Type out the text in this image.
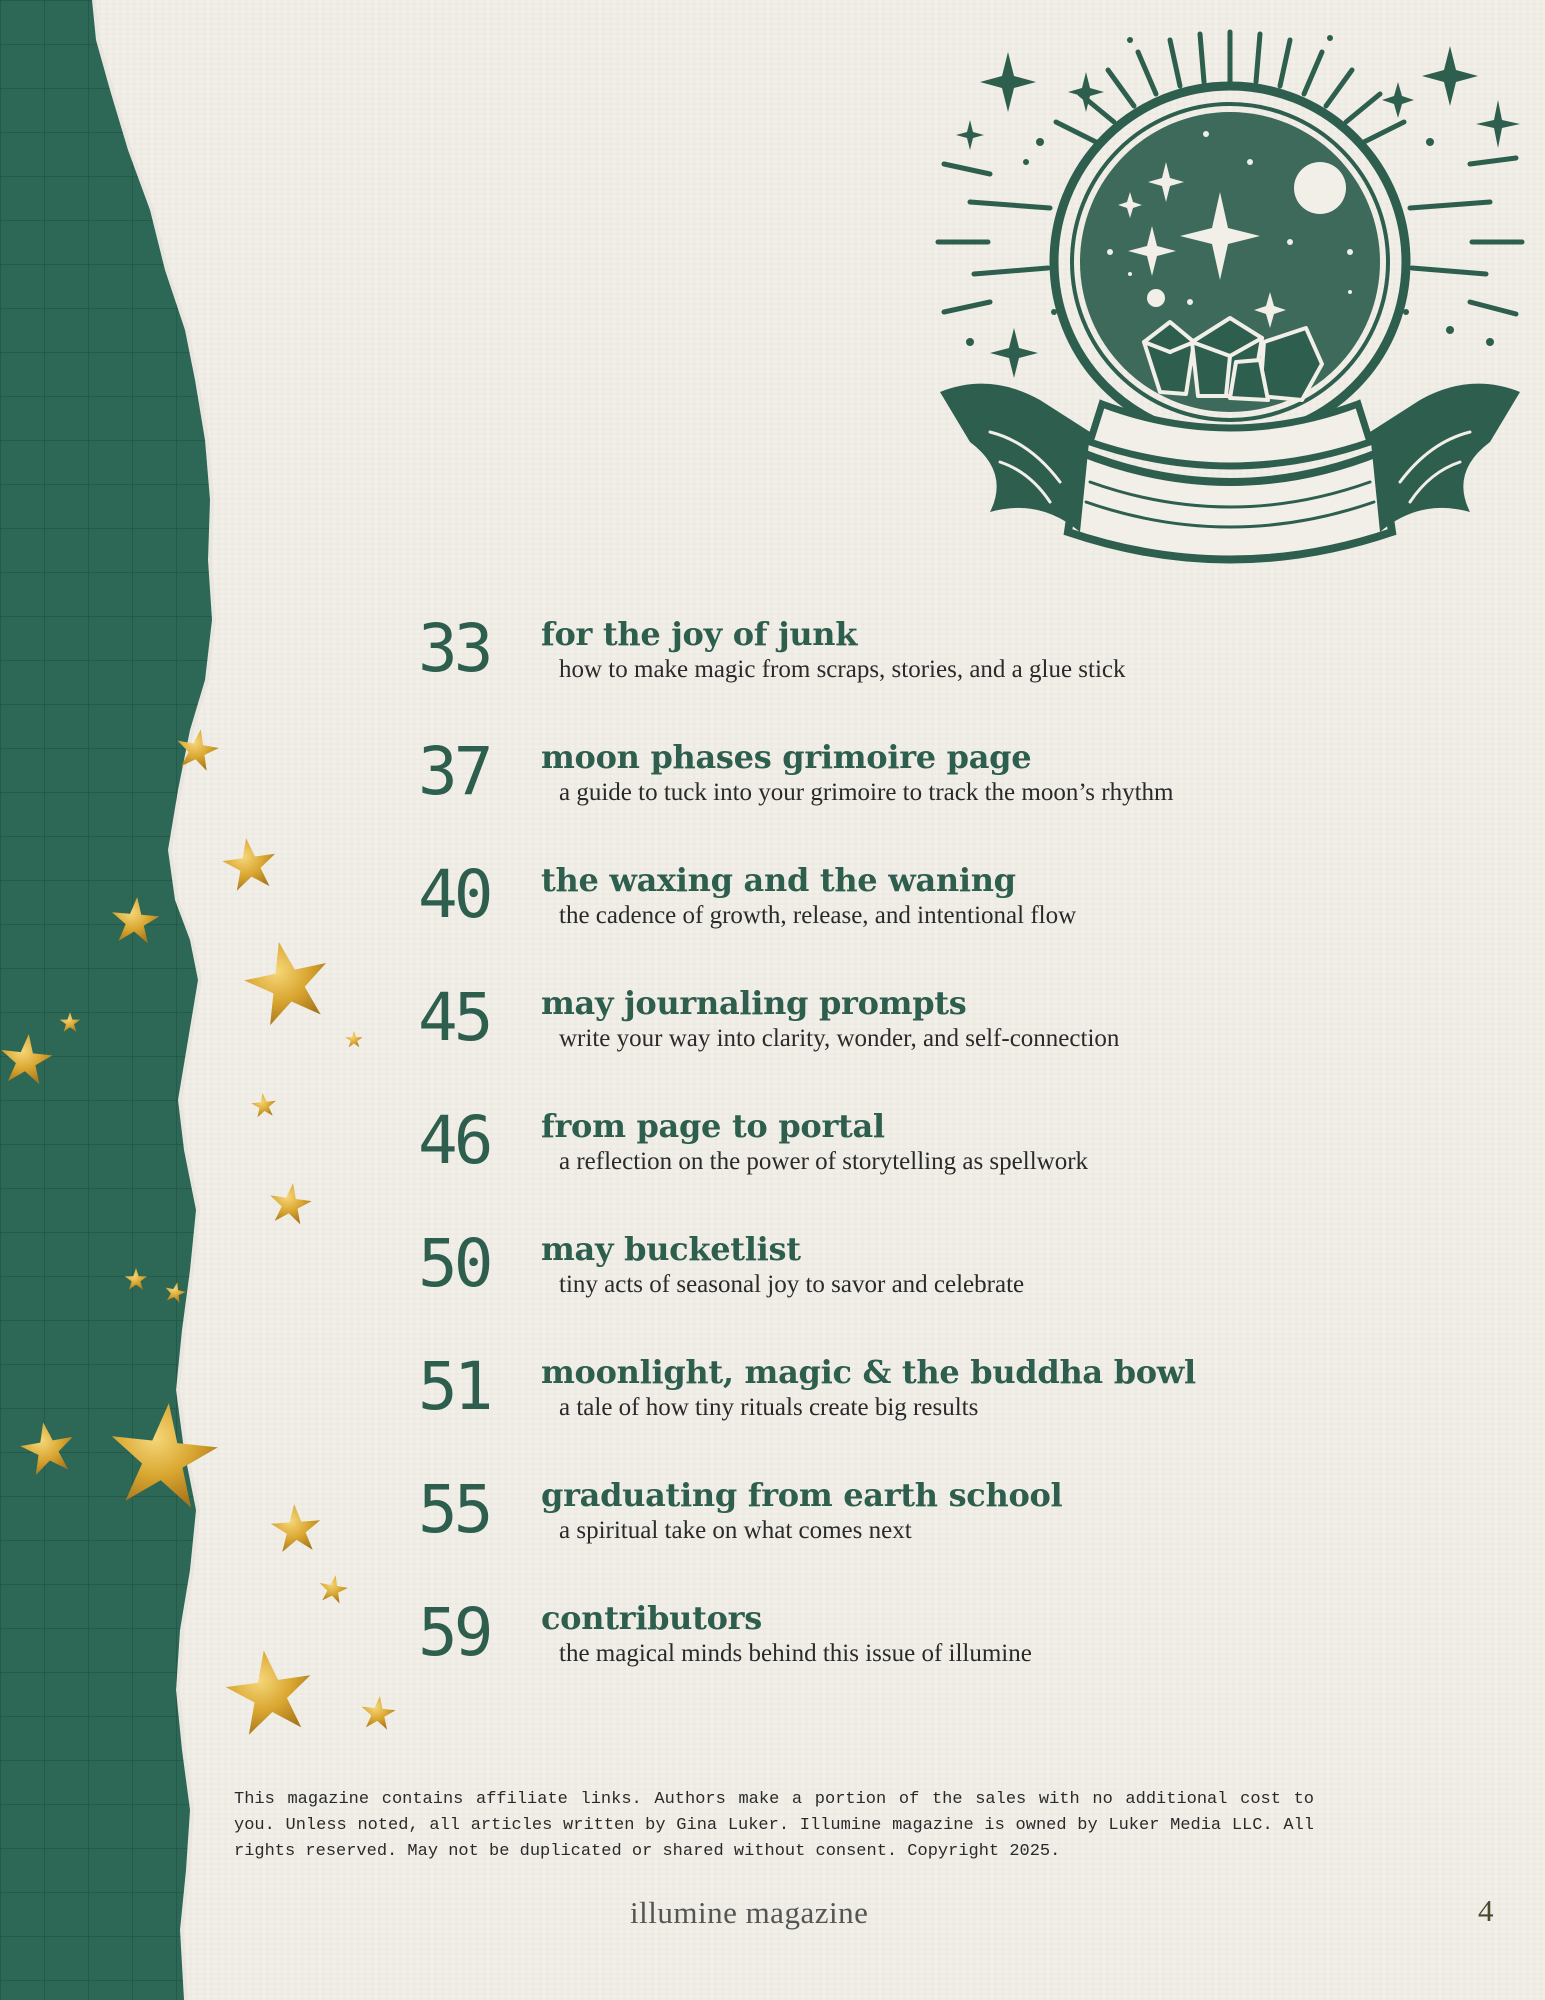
33 for the joy of junk
how to make magic from scraps, stories, and a glue stick
37 moon phases grimoire page
a guide to tuck into your grimoire to track the moon’s rhythm
40 the waxing and the waning
the cadence of growth, release, and intentional flow
45 may journaling prompts
write your way into clarity, wonder, and self-connection
46 from page to portal
a reflection on the power of storytelling as spellwork
50 may bucketlist
tiny acts of seasonal joy to savor and celebrate
51 moonlight, magic & the buddha bowl
a tale of how tiny rituals create big results
55 graduating from earth school
a spiritual take on what comes next
59 contributors
the magical minds behind this issue of illumine
This magazine contains affiliate links. Authors make a portion of the sales with no additional cost to you. Unless noted, all articles written by Gina Luker. Illumine magazine is owned by Luker Media LLC. All rights reserved. May not be duplicated or shared without consent. Copyright 2025.
illumine magazine	4
